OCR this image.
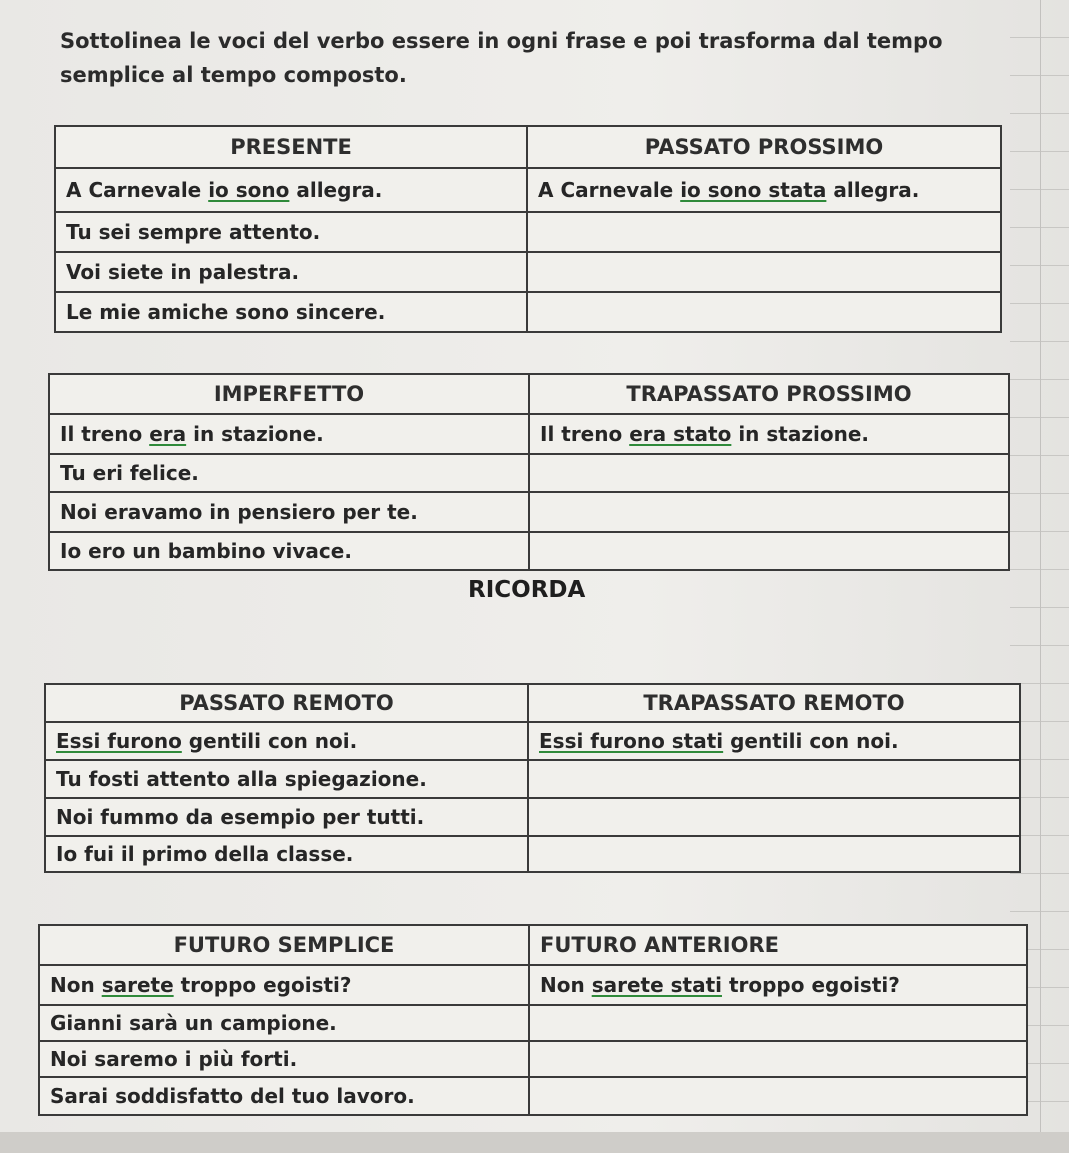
Sottolinea le voci del verbo essere in ogni frase e poi trasforma dal tempo
semplice al tempo composto.
PRESENTE	PASSATO PROSSIMO
A Carnevale io sono allegra.	A Carnevale io sono stata allegra.
Tu sei sempre attento.	
Voi siete in palestra.	
Le mie amiche sono sincere.	
IMPERFETTO	TRAPASSATO PROSSIMO
Il treno era in stazione.	Il treno era stato in stazione.
Tu eri felice.	
Noi eravamo in pensiero per te.	
Io ero un bambino vivace.	
RICORDA
PASSATO REMOTO	TRAPASSATO REMOTO
Essi furono gentili con noi.	Essi furono stati gentili con noi.
Tu fosti attento alla spiegazione.	
Noi fummo da esempio per tutti.	
Io fui il primo della classe.	
FUTURO SEMPLICE	FUTURO ANTERIORE
Non sarete troppo egoisti?	Non sarete stati troppo egoisti?
Gianni sarà un campione.	
Noi saremo i più forti.	
Sarai soddisfatto del tuo lavoro.	
